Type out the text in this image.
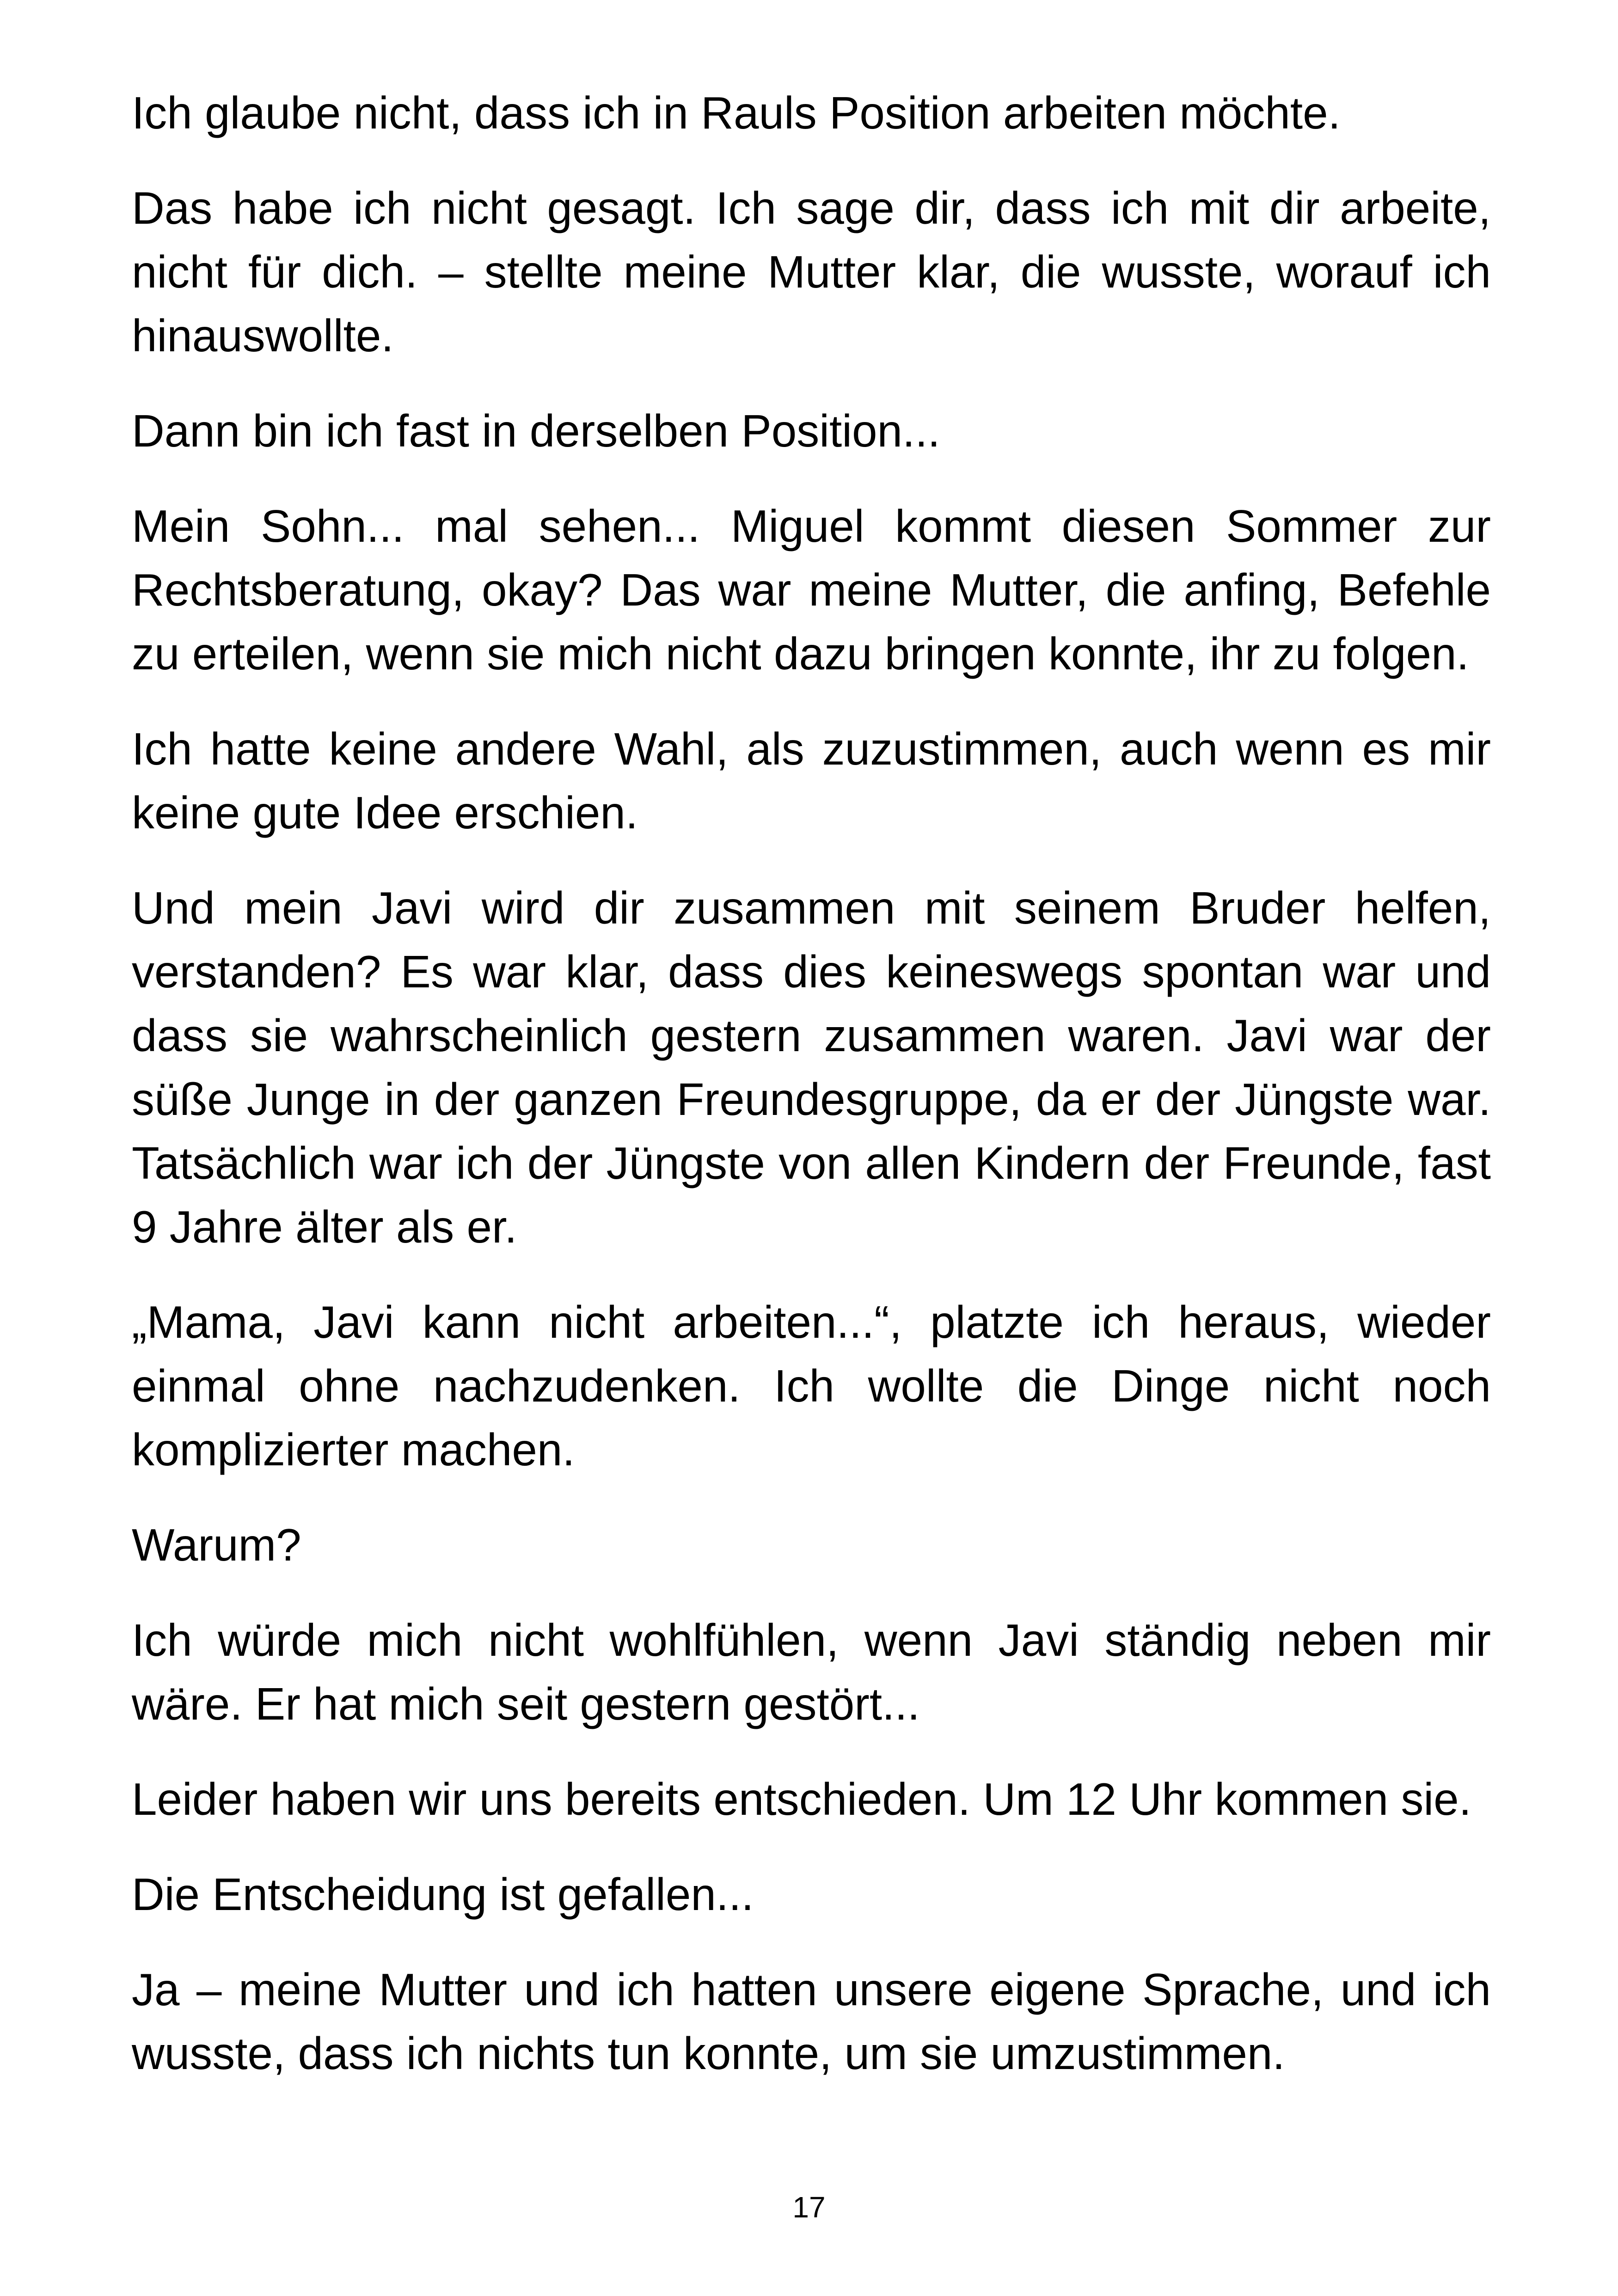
Ich glaube nicht, dass ich in Rauls Position arbeiten möchte.

Das habe ich nicht gesagt. Ich sage dir, dass ich mit dir arbeite, nicht für dich. – stellte meine Mutter klar, die wusste, worauf ich hinauswollte.

Dann bin ich fast in derselben Position...

Mein Sohn... mal sehen... Miguel kommt diesen Sommer zur Rechtsberatung, okay? Das war meine Mutter, die anfing, Befehle zu erteilen, wenn sie mich nicht dazu bringen konnte, ihr zu folgen.

Ich hatte keine andere Wahl, als zuzustimmen, auch wenn es mir keine gute Idee erschien.

Und mein Javi wird dir zusammen mit seinem Bruder helfen, verstanden? Es war klar, dass dies keineswegs spontan war und dass sie wahrscheinlich gestern zusammen waren. Javi war der süße Junge in der ganzen Freundesgruppe, da er der Jüngste war. Tatsächlich war ich der Jüngste von allen Kindern der Freunde, fast 9 Jahre älter als er.

„Mama, Javi kann nicht arbeiten...“, platzte ich heraus, wieder einmal ohne nachzudenken. Ich wollte die Dinge nicht noch komplizierter machen.

Warum?

Ich würde mich nicht wohlfühlen, wenn Javi ständig neben mir wäre. Er hat mich seit gestern gestört...

Leider haben wir uns bereits entschieden. Um 12 Uhr kommen sie.

Die Entscheidung ist gefallen...

Ja – meine Mutter und ich hatten unsere eigene Sprache, und ich wusste, dass ich nichts tun konnte, um sie umzustimmen.

17
